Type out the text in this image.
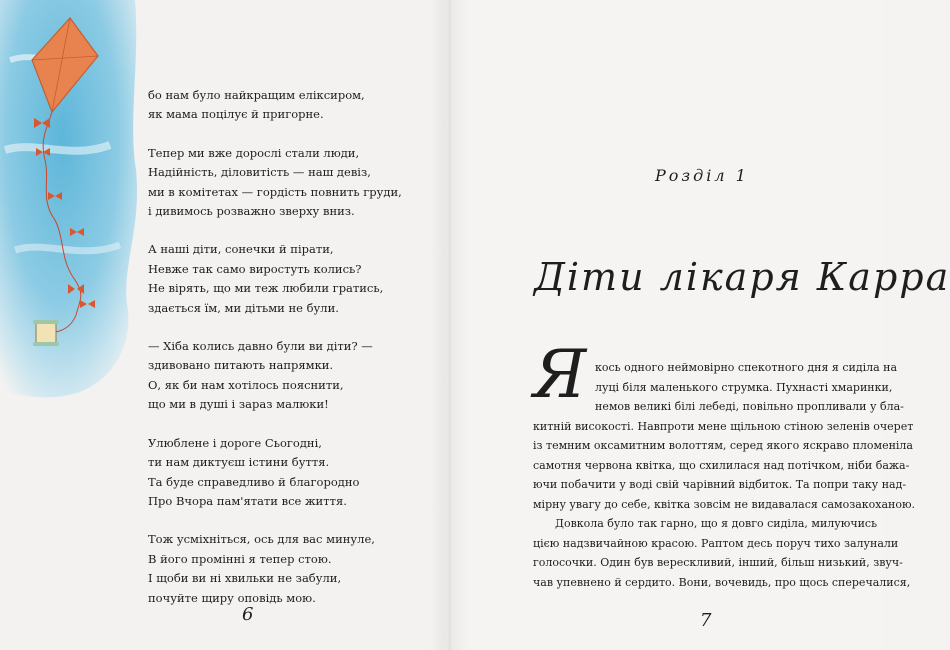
бо нам було найкращим еліксиром,
як мама поцілує й пригорне.
Тепер ми вже дорослі стали люди,
Надійність, діловитість — наш девіз,
ми в комітетах — гордість повнить груди,
і дивимось розважно зверху вниз.
А наші діти, сонечки й пірати,
Невже так само виростуть колись?
Не вірять, що ми теж любили гратись,
здається їм, ми дітьми не були.
— Хіба колись давно були ви діти? —
здивовано питають напрямки.
О, як би нам хотілось пояснити,
що ми в душі і зараз малюки!
Улюблене і дороге Сьогодні,
ти нам диктуєш істини буття.
Та буде справедливо й благородно
Про Вчора пам'ятати все життя.
Тож усміхніться, ось для вас минуле,
В його промінні я тепер стою.
І щоби ви ні хвильки не забули,
почуйте щиру оповідь мою.
6
Розділ 1
Діти лікаря Карра
Я кось одного неймовірно спекотного дня я сиділа на
луці біля маленького струмка. Пухнасті хмаринки,
немов великі білі лебеді, повільно пропливали у бла-
китній високості. Навпроти мене щільною стіною зеленів очерет
із темним оксамитним волоттям, серед якого яскраво пломеніла
самотня червона квітка, що схилилася над потічком, ніби бажа-
ючи побачити у воді свій чарівний відбиток. Та попри таку над-
мірну увагу до себе, квітка зовсім не видавалася самозакоханою.
Довкола було так гарно, що я довго сиділа, милуючись
цією надзвичайною красою. Раптом десь поруч тихо залунали
голосочки. Один був верескливий, інший, більш низький, звуч-
чав упевнено й сердито. Вони, вочевидь, про щось сперечалися,
7
